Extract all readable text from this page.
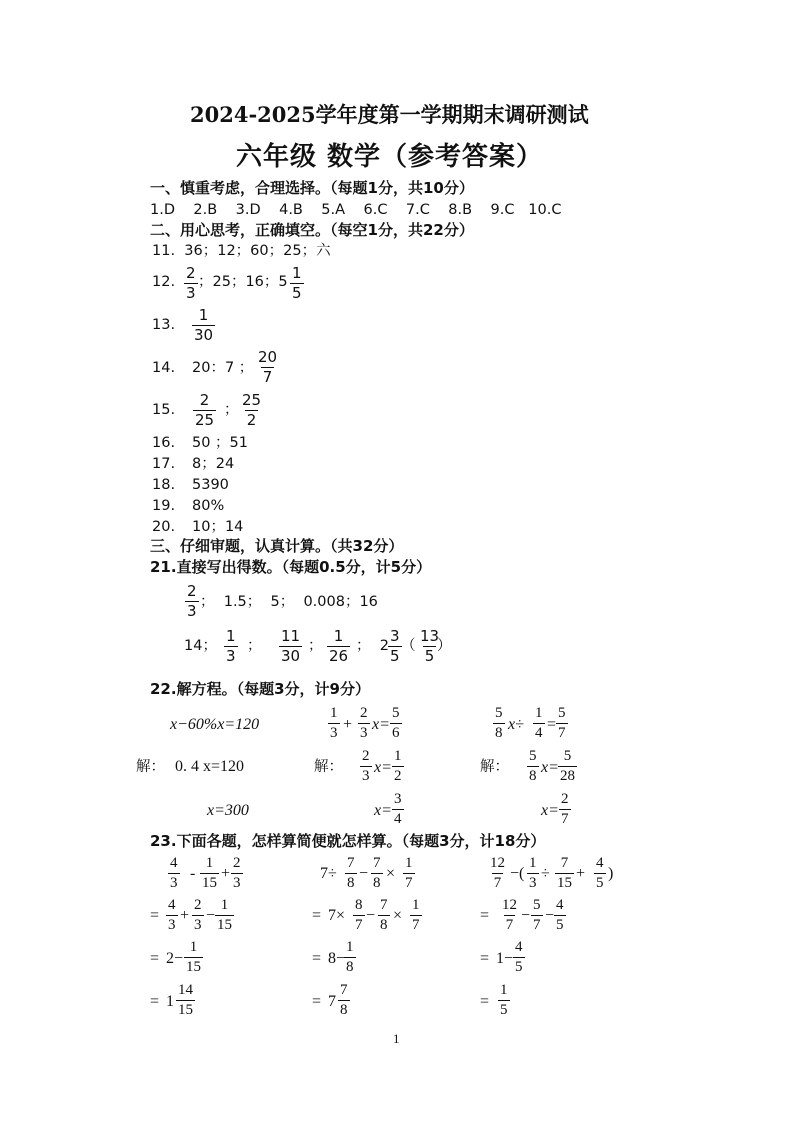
2024-2025学年度第一学期期末调研测试
六年级 数学（参考答案）
一、慎重考虑，合理选择。（每题1分，共10分）
1.D    2.B    3.D    4.B    5.A    6.C    7.C    8.B    9.C   10.C
二、用心思考，正确填空。（每空1分，共22分）
11.  36；12；60；25；六
12. $\frac{2}{3}$ ；25；16；$5 \frac{1}{5}$
13. $\frac{1}{30}$
14. 20：7 ； $\frac{20}{7}$
15. $\frac{2}{25}$ ； $\frac{25}{2}$
16. 50 ；51
17. 8；24
18. 5390
19. 80%
20. 10；14
三、仔细审题，认真计算。（共32分）
21.直接写出得数。（每题0.5分，计5分）
$\frac{2}{3}$ ；  1.5；  5；  0.008；16
14； $\frac{1}{3}$ ； $\frac{11}{30}$ ； $\frac{1}{26}$ ；  $2 \frac{3}{5}$ （ $\frac{13}{5}$
）
22.解方程。（每题3分，计9分）
x−60%x=120
解： 0. 4 x=120
x=300
$\frac{1}{3} + \frac{2}{3} x= \frac{5}{6}$
解： $\frac{2}{3} x= \frac{1}{2}$
$x= \frac{3}{4}$
$\frac{5}{8} x\div \frac{1}{4} = \frac{5}{7}$
解： $\frac{5}{8} x= \frac{5}{28}$
$x= \frac{2}{7}$
23.下面各题，怎样算简便就怎样算。（每题3分，计18分）
$\frac{4}{3} - \frac{1}{15} + \frac{2}{3}$
= $\frac{4}{3} + \frac{2}{3} - \frac{1}{15}$
= $2- \frac{1}{15}$
= $1 \frac{14}{15}$
$7\div \frac{7}{8} - \frac{7}{8} \times \frac{1}{7}$
= $7\times \frac{8}{7} - \frac{7}{8} \times \frac{1}{7}$
= 8−
$\frac{1}{8}$
= $7 \frac{7}{8}$
$\frac{12}{7}$ −( $\frac{1}{3} \div \frac{7}{15} + \frac{4}{5}$ )
= $\frac{12}{7} - \frac{5}{7} - \frac{4}{5}$
= $1- \frac{4}{5}$
= $\frac{1}{5}$
1
